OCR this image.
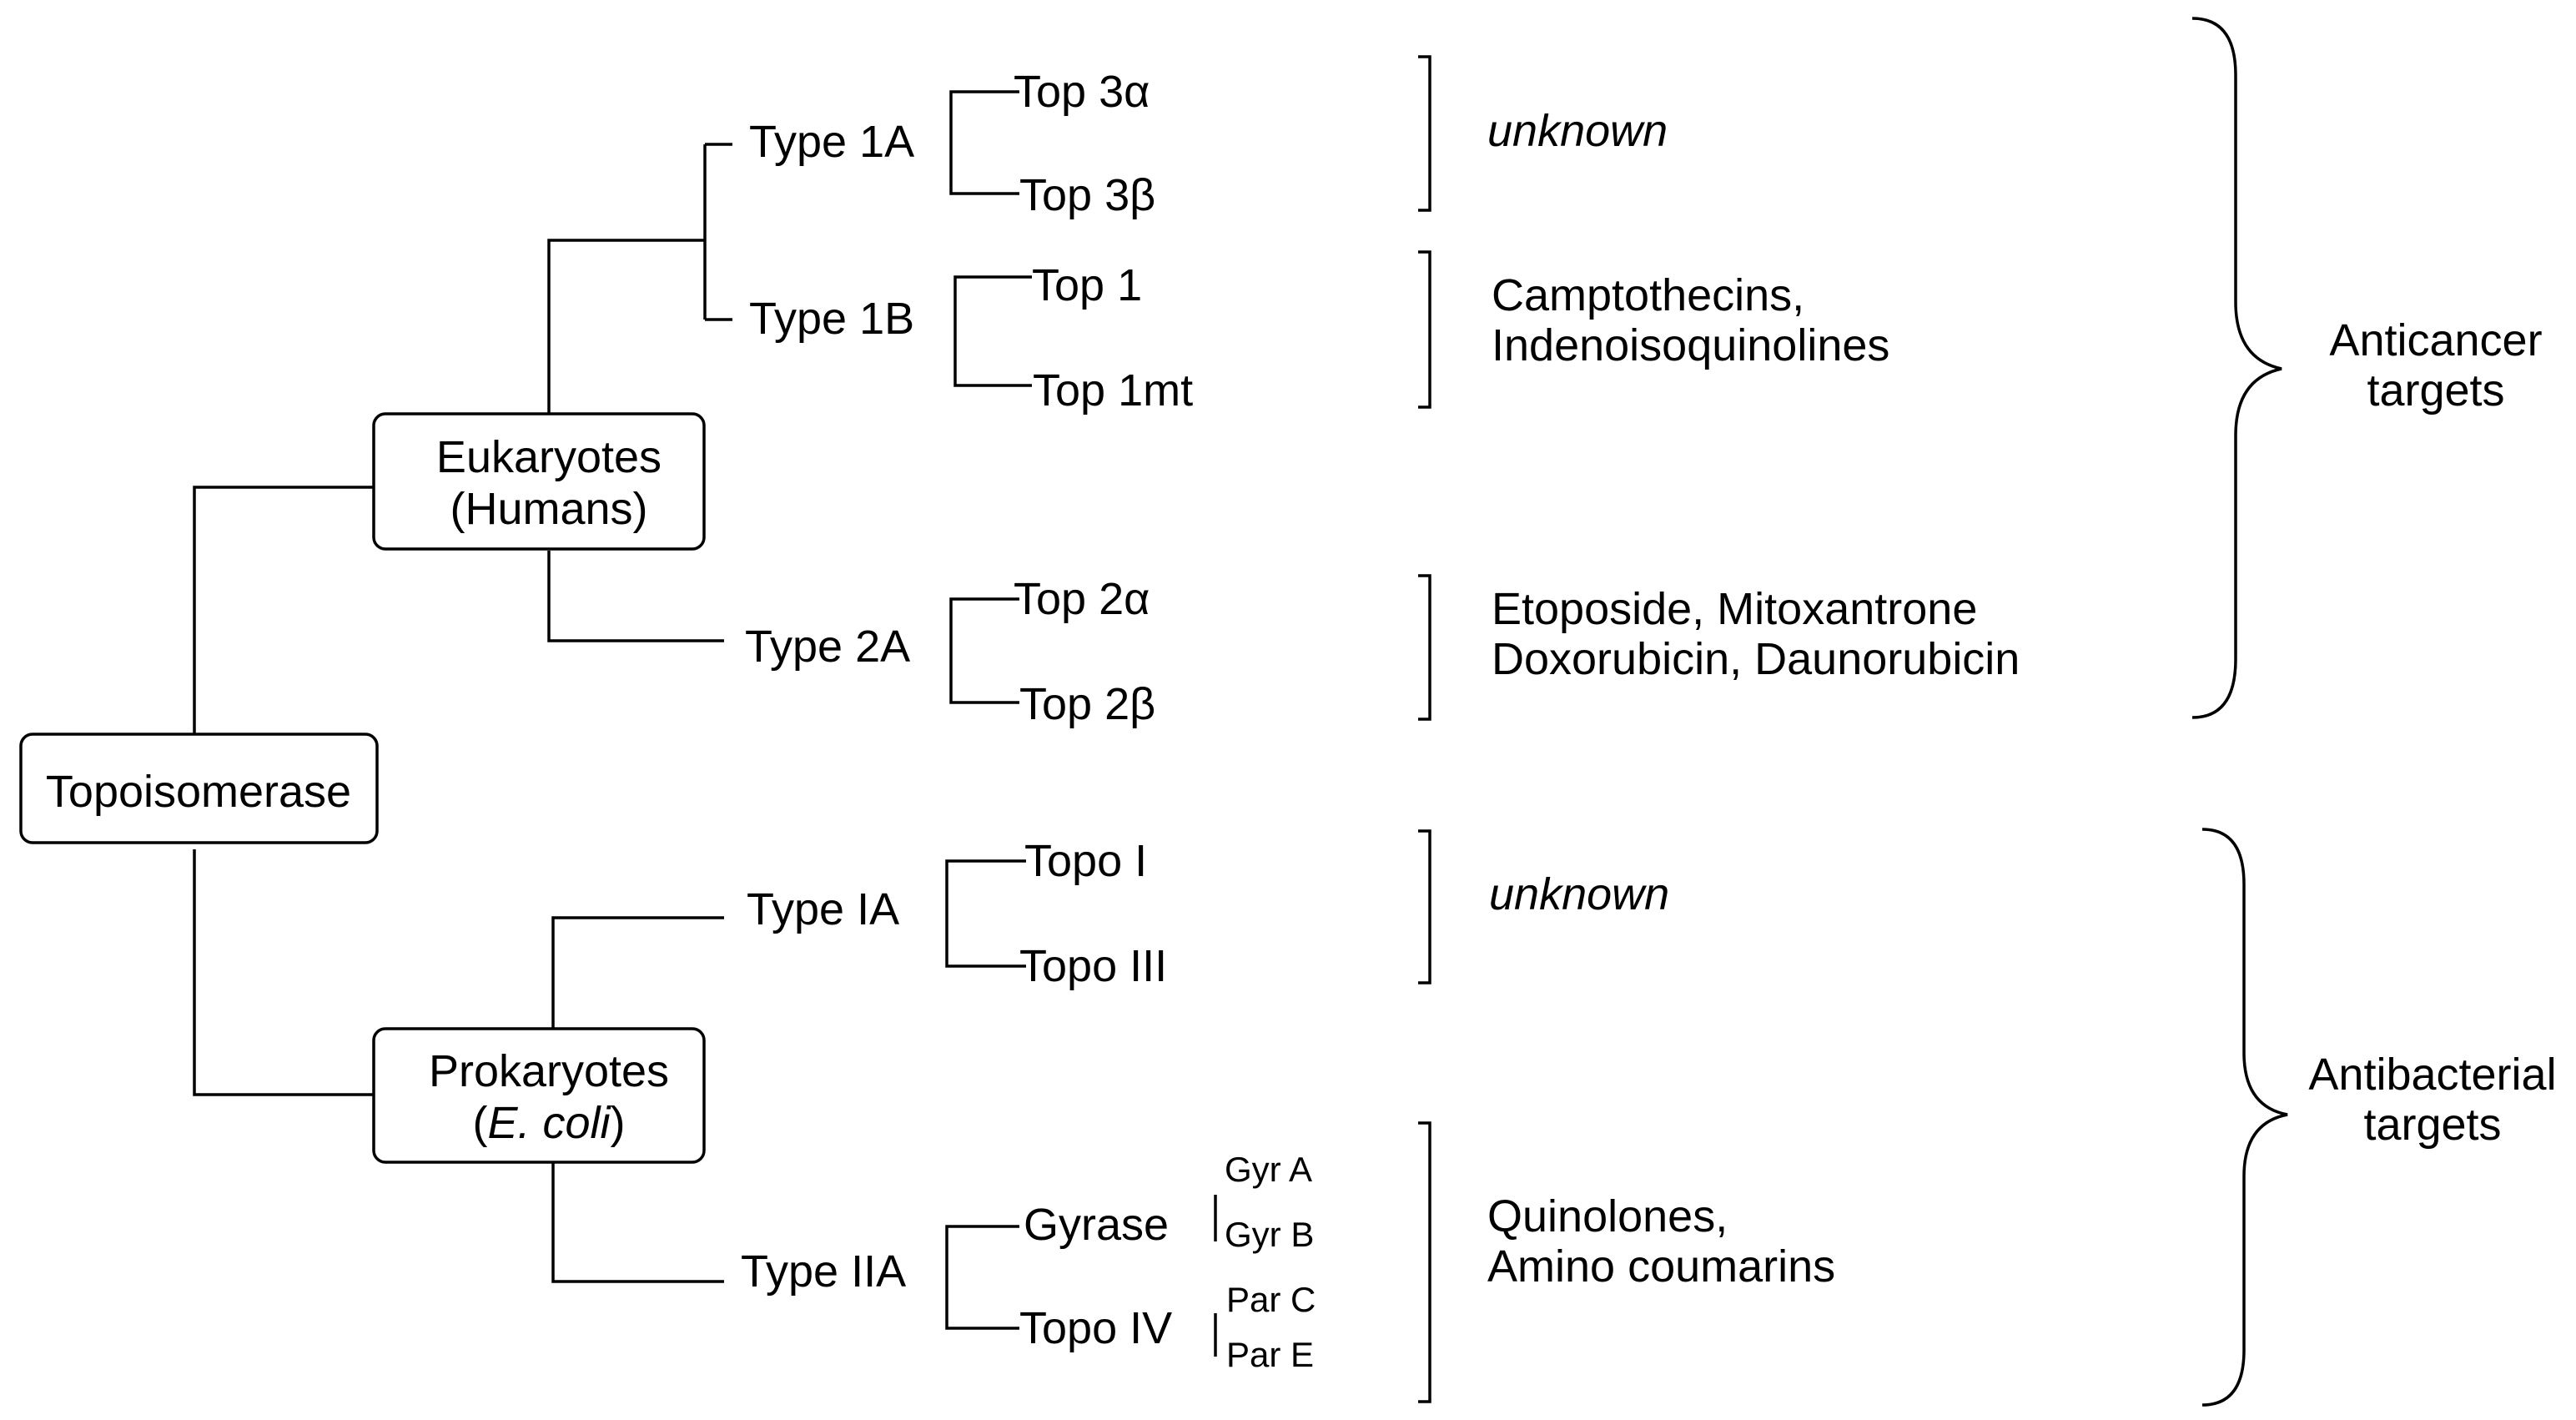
Topoisomerase
Eukaryotes
(Humans)
Prokaryotes
(E. coli)
Type 1A
Type 1B
Type 2A
Type IA
Type IIA
Top 3α
Top 3β
Top 1
Top 1mt
Top 2α
Top 2β
Topo I
Topo III
Gyrase
Topo IV
Gyr A
Gyr B
Par C
Par E
unknown
Camptothecins,
Indenoisoquinolines
Etoposide, Mitoxantrone
Doxorubicin, Daunorubicin
unknown
Quinolones,
Amino coumarins
Anticancer
targets
Antibacterial
targets
